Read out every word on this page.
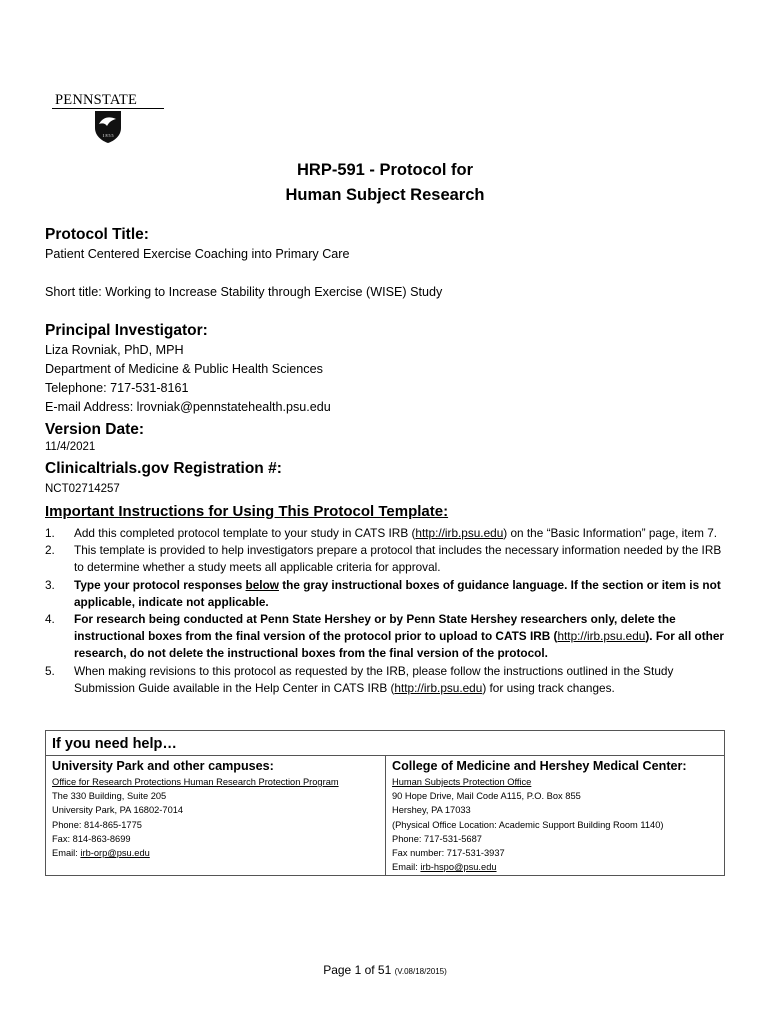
PENNSTATE
1 8 5 5
HRP-591 - Protocol for
Human Subject Research
Protocol Title:
Patient Centered Exercise Coaching into Primary Care
Short title: Working to Increase Stability through Exercise (WISE) Study
Principal Investigator:
Liza Rovniak, PhD, MPH
Department of Medicine & Public Health Sciences
Telephone: 717-531-8161
E-mail Address: lrovniak@pennstatehealth.psu.edu
Version Date:
11/4/2021
Clinicaltrials.gov Registration #:
NCT02714257
Important Instructions for Using This Protocol Template:
1. Add this completed protocol template to your study in CATS IRB (http://irb.psu.edu) on the “Basic Information” page, item 7.
2. This template is provided to help investigators prepare a protocol that includes the necessary information needed by the IRB to determine whether a study meets all applicable criteria for approval.
3. Type your protocol responses below the gray instructional boxes of guidance language. If the section or item is not applicable, indicate not applicable.
4. For research being conducted at Penn State Hershey or by Penn State Hershey researchers only, delete the instructional boxes from the final version of the protocol prior to upload to CATS IRB (http://irb.psu.edu). For all other research, do not delete the instructional boxes from the final version of the protocol.
5. When making revisions to this protocol as requested by the IRB, please follow the instructions outlined in the Study Submission Guide available in the Help Center in CATS IRB (http://irb.psu.edu) for using track changes.
If you need help…
University Park and other campuses:
Office for Research Protections Human Research Protection Program
The 330 Building, Suite 205
University Park, PA 16802-7014
Phone: 814-865-1775
Fax: 814-863-8699
Email: irb-orp@psu.edu
College of Medicine and Hershey Medical Center:
Human Subjects Protection Office
90 Hope Drive, Mail Code A115, P.O. Box 855
Hershey, PA 17033
(Physical Office Location: Academic Support Building Room 1140)
Phone: 717-531-5687
Fax number: 717-531-3937
Email: irb-hspo@psu.edu
Page 1 of 51 (V.08/18/2015)
